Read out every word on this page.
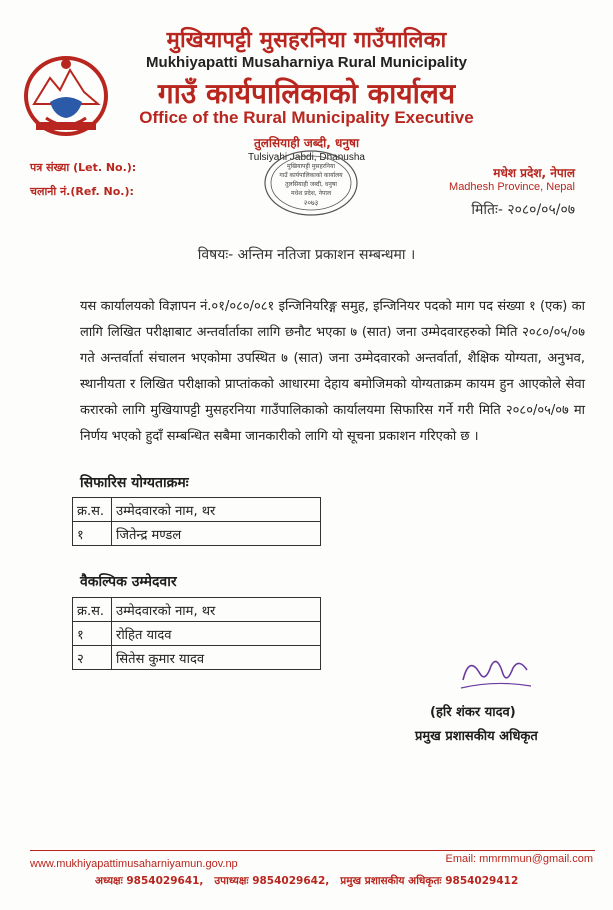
मुखियापट्टी मुसहरनिया गाउँपालिका
Mukhiyapatti Musaharniya Rural Municipality
गाउँ कार्यपालिकाको कार्यालय
Office of the Rural Municipality Executive
तुलसियाही जब्दी, धनुषा
Tulsiyahi Jabdi, Dhanusha
मुखियापट्टी मुसहरनिया
गाउँ कार्यपालिकाको कार्यालय
तुलसियाही जब्दी, धनुषा
मधेश प्रदेश, नेपाल
२०७३
पत्र संख्या (Let. No.):
चलानी नं.(Ref. No.):
मधेश प्रदेश, नेपाल
Madhesh Province, Nepal
मितिः- २०८०/०५/०७
विषयः- अन्तिम नतिजा प्रकाशन सम्बन्धमा ।
यस कार्यालयको विज्ञापन नं.०१/०८०/०८१ इन्जिनियरिङ्ग समुह, इन्जिनियर पदको माग पद संख्या १ (एक) का लागि लिखित परीक्षाबाट अन्तर्वार्ताका लागि छनौट भएका ७ (सात) जना उम्मेदवारहरुको मिति २०८०/०५/०७ गते अन्तर्वार्ता संचालन भएकोमा उपस्थित ७ (सात) जना उम्मेदवारको अन्तर्वार्ता, शैक्षिक योग्यता, अनुभव, स्थानीयता र लिखित परीक्षाको प्राप्तांकको आधारमा देहाय बमोजिमको योग्यताक्रम कायम हुन आएकोले सेवा करारको लागि मुखियापट्टी मुसहरनिया गाउँपालिकाको कार्यालयमा सिफारिस गर्ने गरी मिति २०८०/०५/०७ मा निर्णय भएको हुदाँ सम्बन्धित सबैमा जानकारीको लागि यो सूचना प्रकाशन गरिएको छ ।
सिफारिस योग्यताक्रमः
क्र.स.	उम्मेदवारको नाम, थर
१	जितेन्द्र मण्डल
वैकल्पिक उम्मेदवार
क्र.स.	उम्मेदवारको नाम, थर
१	रोहित यादव
२	सितेस कुमार यादव
(हरि शंकर यादव)
प्रमुख प्रशासकीय अधिकृत
www.mukhiyapattimusaharniyamun.gov.np	Email: mmrmmun@gmail.com
अध्यक्षः 9854029641, उपाध्यक्षः 9854029642, प्रमुख प्रशासकीय अधिकृतः 9854029412
